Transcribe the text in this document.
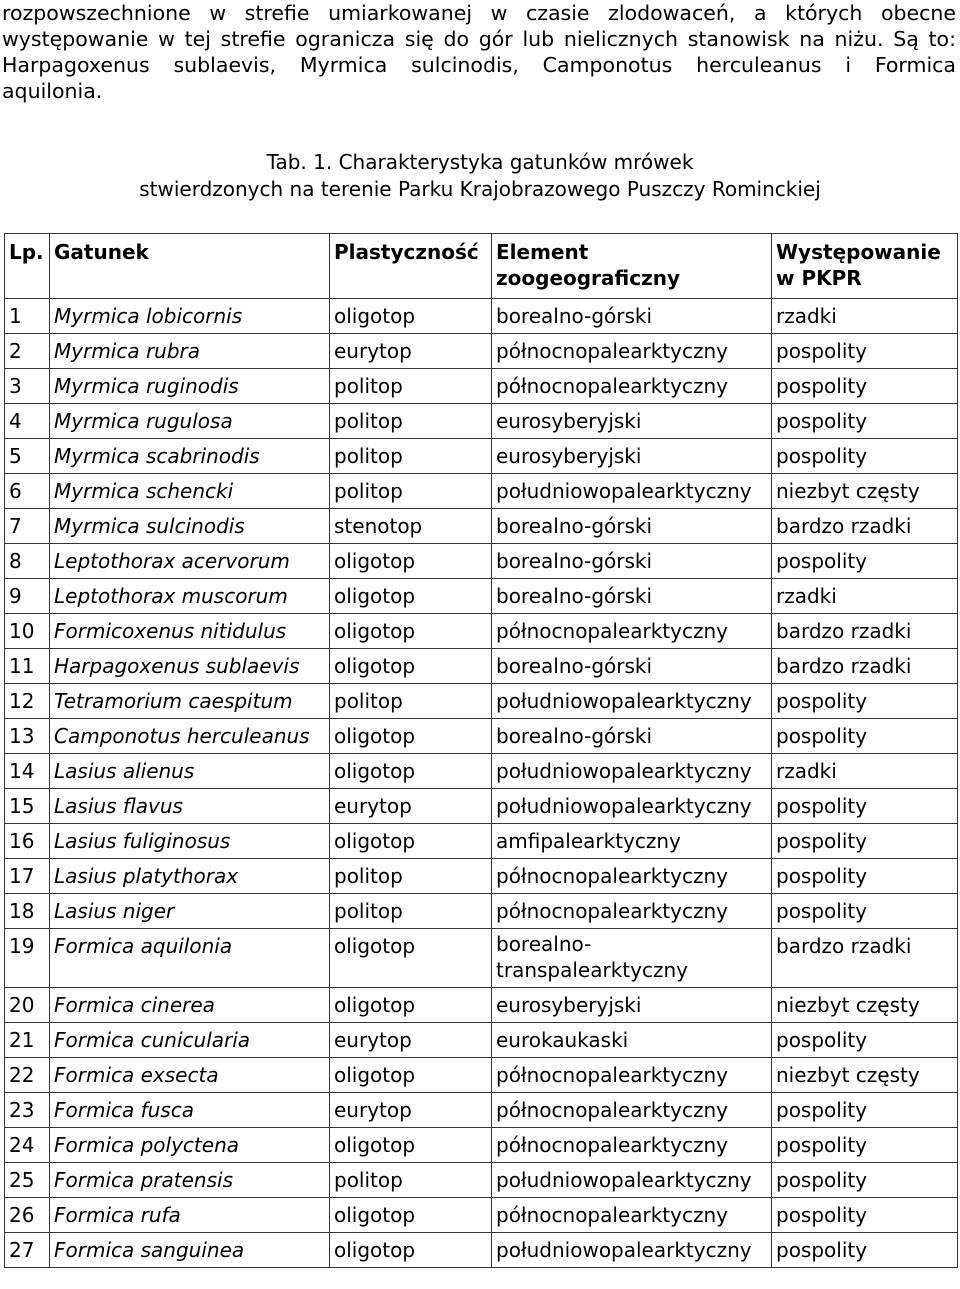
rozpowszechnione w strefie umiarkowanej w czasie zlodowaceń, a których obecne
występowanie w tej strefie ogranicza się do gór lub nielicznych stanowisk na niżu. Są to:
Harpagoxenus sublaevis, Myrmica sulcinodis, Camponotus herculeanus i Formica
aquilonia.
Tab. 1. Charakterystyka gatunków mrówek
stwierdzonych na terenie Parku Krajobrazowego Puszczy Rominckiej
Lp.	Gatunek	Plastyczność	Element zoogeograficzny	Występowanie w PKPR
1	Myrmica lobicornis	oligotop	borealno-górski	rzadki
2	Myrmica rubra	eurytop	północnopalearktyczny	pospolity
3	Myrmica ruginodis	politop	północnopalearktyczny	pospolity
4	Myrmica rugulosa	politop	eurosyberyjski	pospolity
5	Myrmica scabrinodis	politop	eurosyberyjski	pospolity
6	Myrmica schencki	politop	południowopalearktyczny	niezbyt częsty
7	Myrmica sulcinodis	stenotop	borealno-górski	bardzo rzadki
8	Leptothorax acervorum	oligotop	borealno-górski	pospolity
9	Leptothorax muscorum	oligotop	borealno-górski	rzadki
10	Formicoxenus nitidulus	oligotop	północnopalearktyczny	bardzo rzadki
11	Harpagoxenus sublaevis	oligotop	borealno-górski	bardzo rzadki
12	Tetramorium caespitum	politop	południowopalearktyczny	pospolity
13	Camponotus herculeanus	oligotop	borealno-górski	pospolity
14	Lasius alienus	oligotop	południowopalearktyczny	rzadki
15	Lasius flavus	eurytop	południowopalearktyczny	pospolity
16	Lasius fuliginosus	oligotop	amfipalearktyczny	pospolity
17	Lasius platythorax	politop	północnopalearktyczny	pospolity
18	Lasius niger	politop	północnopalearktyczny	pospolity
19	Formica aquilonia	oligotop	borealno-​transpalearktyczny	bardzo rzadki
20	Formica cinerea	oligotop	eurosyberyjski	niezbyt częsty
21	Formica cunicularia	eurytop	eurokaukaski	pospolity
22	Formica exsecta	oligotop	północnopalearktyczny	niezbyt częsty
23	Formica fusca	eurytop	północnopalearktyczny	pospolity
24	Formica polyctena	oligotop	północnopalearktyczny	pospolity
25	Formica pratensis	politop	południowopalearktyczny	pospolity
26	Formica rufa	oligotop	północnopalearktyczny	pospolity
27	Formica sanguinea	oligotop	południowopalearktyczny	pospolity
